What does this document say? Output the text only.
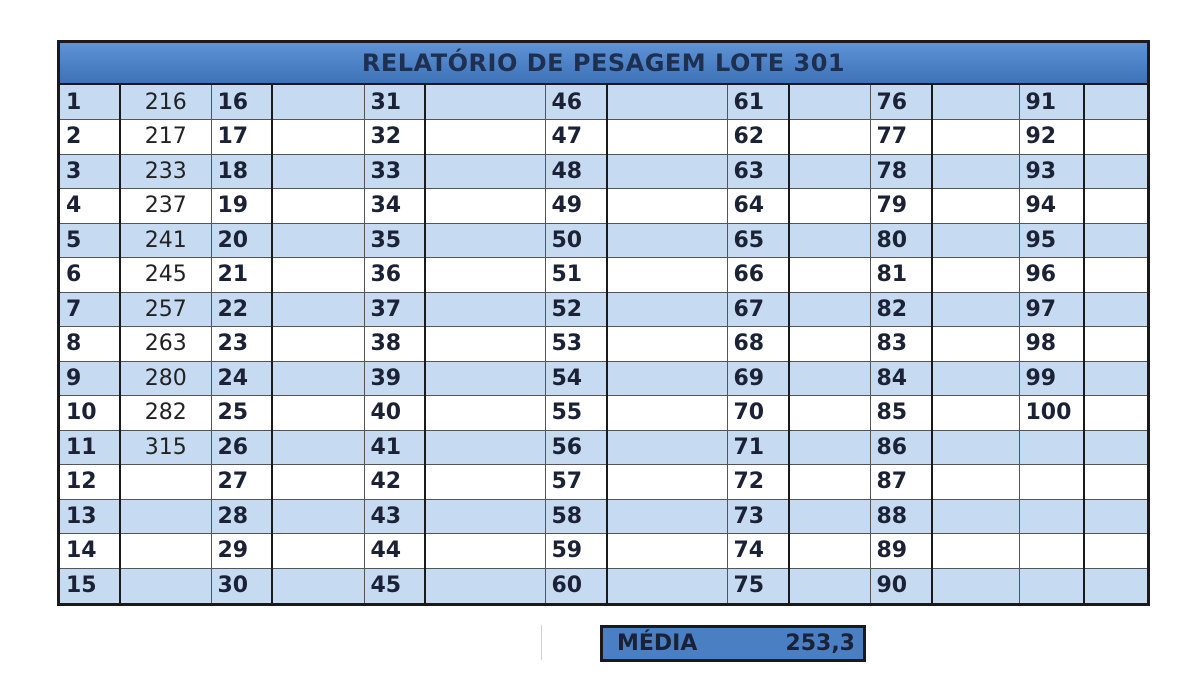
RELATÓRIO DE PESAGEM LOTE 301
1	216	16		31		46		61		76		91	
2	217	17		32		47		62		77		92	
3	233	18		33		48		63		78		93	
4	237	19		34		49		64		79		94	
5	241	20		35		50		65		80		95	
6	245	21		36		51		66		81		96	
7	257	22		37		52		67		82		97	
8	263	23		38		53		68		83		98	
9	280	24		39		54		69		84		99	
10	282	25		40		55		70		85		100	
11	315	26		41		56		71		86			
12		27		42		57		72		87			
13		28		43		58		73		88			
14		29		44		59		74		89			
15		30		45		60		75		90			
MÉDIA	253,3
